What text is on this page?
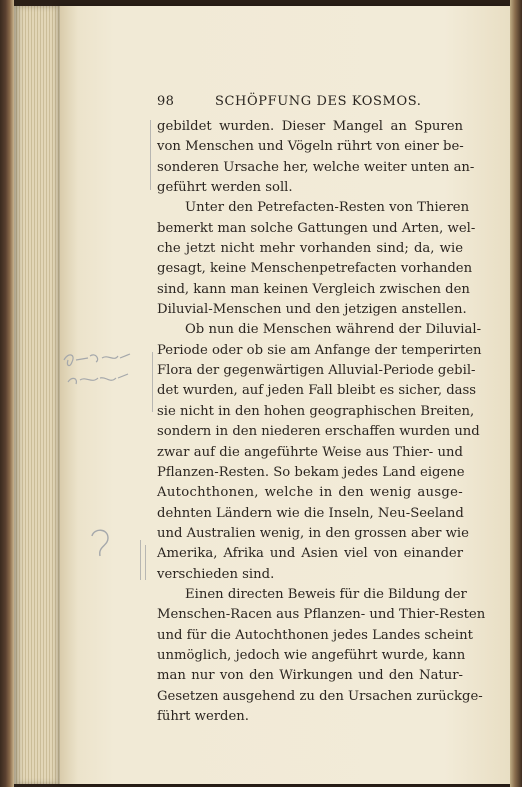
98	SCHÖPFUNG DES KOSMOS.

gebildet wurden. Dieser Mangel an Spuren
von Menschen und Vögeln rührt von einer be-
sonderen Ursache her, welche weiter unten an-
geführt werden soll.

Unter den Petrefacten-Resten von Thieren
bemerkt man solche Gattungen und Arten, wel-
che jetzt nicht mehr vorhanden sind; da, wie
gesagt, keine Menschenpetrefacten vorhanden
sind, kann man keinen Vergleich zwischen den
Diluvial-Menschen und den jetzigen anstellen.

Ob nun die Menschen während der Diluvial-
Periode oder ob sie am Anfange der temperirten
Flora der gegenwärtigen Alluvial-Periode gebil-
det wurden, auf jeden Fall bleibt es sicher, dass
sie nicht in den hohen geographischen Breiten,
sondern in den niederen erschaffen wurden und
zwar auf die angeführte Weise aus Thier- und
Pflanzen-Resten. So bekam jedes Land eigene
Autochthonen, welche in den wenig ausge-
dehnten Ländern wie die Inseln, Neu-Seeland
und Australien wenig, in den grossen aber wie
Amerika, Afrika und Asien viel von einander
verschieden sind.

Einen directen Beweis für die Bildung der
Menschen-Racen aus Pflanzen- und Thier-Resten
und für die Autochthonen jedes Landes scheint
unmöglich, jedoch wie angeführt wurde, kann
man nur von den Wirkungen und den Natur-
Gesetzen ausgehend zu den Ursachen zurückge-
führt werden.
